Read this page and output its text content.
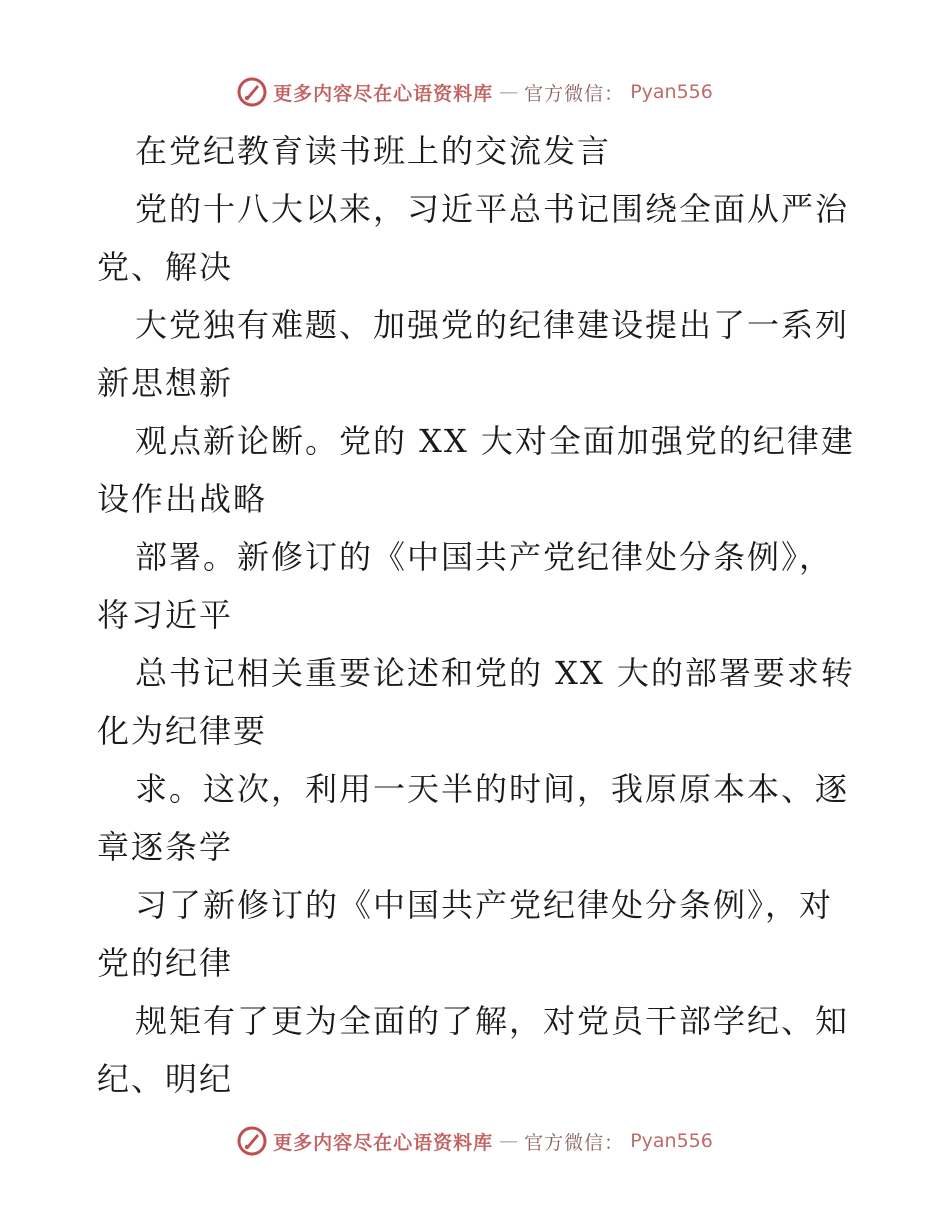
更多内容尽在心语资料库 — 官方微信： Pyan556
在党纪教育读书班上的交流发言
党的十八大以来，习近平总书记围绕全面从严治
党、解决
大党独有难题、加强党的纪律建设提出了一系列
新思想新
观点新论断。党的 XX 大对全面加强党的纪律建
设作出战略
部署。新修订的《中国共产党纪律处分条例》，
将习近平
总书记相关重要论述和党的 XX 大的部署要求转
化为纪律要
求。这次，利用一天半的时间，我原原本本、逐
章逐条学
习了新修订的《中国共产党纪律处分条例》，对
党的纪律
规矩有了更为全面的了解，对党员干部学纪、知
纪、明纪
更多内容尽在心语资料库 — 官方微信： Pyan556
